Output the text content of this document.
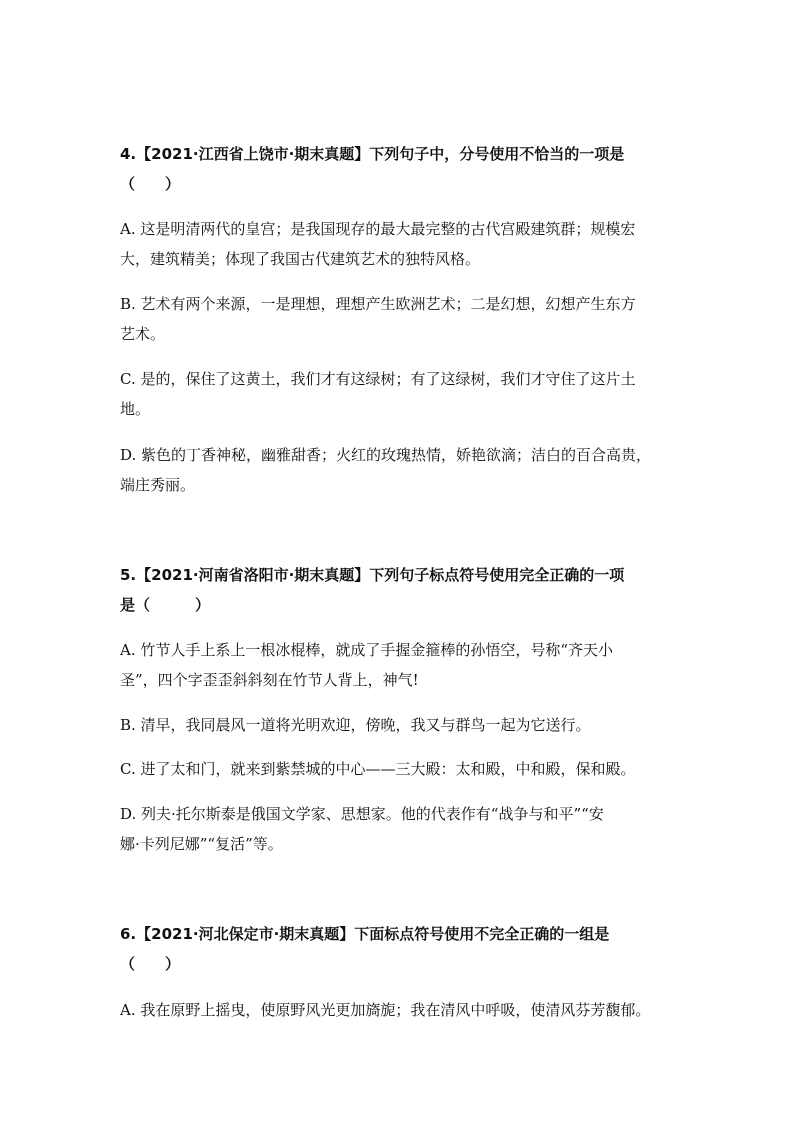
4.【2021·江西省上饶市·期末真题】下列句子中，分号使用不恰当的一项是
（　　）
A. 这是明清两代的皇宫；是我国现存的最大最完整的古代宫殿建筑群；规模宏
大，建筑精美；体现了我国古代建筑艺术的独特风格。
B. 艺术有两个来源，一是理想，理想产生欧洲艺术；二是幻想，幻想产生东方
艺术。
C. 是的，保住了这黄土，我们才有这绿树；有了这绿树，我们才守住了这片土
地。
D. 紫色的丁香神秘，幽雅甜香；火红的玫瑰热情，娇艳欲滴；洁白的百合高贵，
端庄秀丽。
5.【2021·河南省洛阳市·期末真题】下列句子标点符号使用完全正确的一项
是（　　　）
A. 竹节人手上系上一根冰棍棒，就成了手握金箍棒的孙悟空，号称“齐天小
圣”，四个字歪歪斜斜刻在竹节人背上，神气!
B. 清早，我同晨风一道将光明欢迎，傍晚，我又与群鸟一起为它送行。
C. 进了太和门，就来到紫禁城的中心——三大殿：太和殿，中和殿，保和殿。
D. 列夫·托尔斯泰是俄国文学家、思想家。他的代表作有“战争与和平”“安
娜·卡列尼娜”“复活”等。
6.【2021·河北保定市·期末真题】下面标点符号使用不完全正确的一组是
（　　）
A. 我在原野上摇曳，使原野风光更加旖旎；我在清风中呼吸，使清风芬芳馥郁。
